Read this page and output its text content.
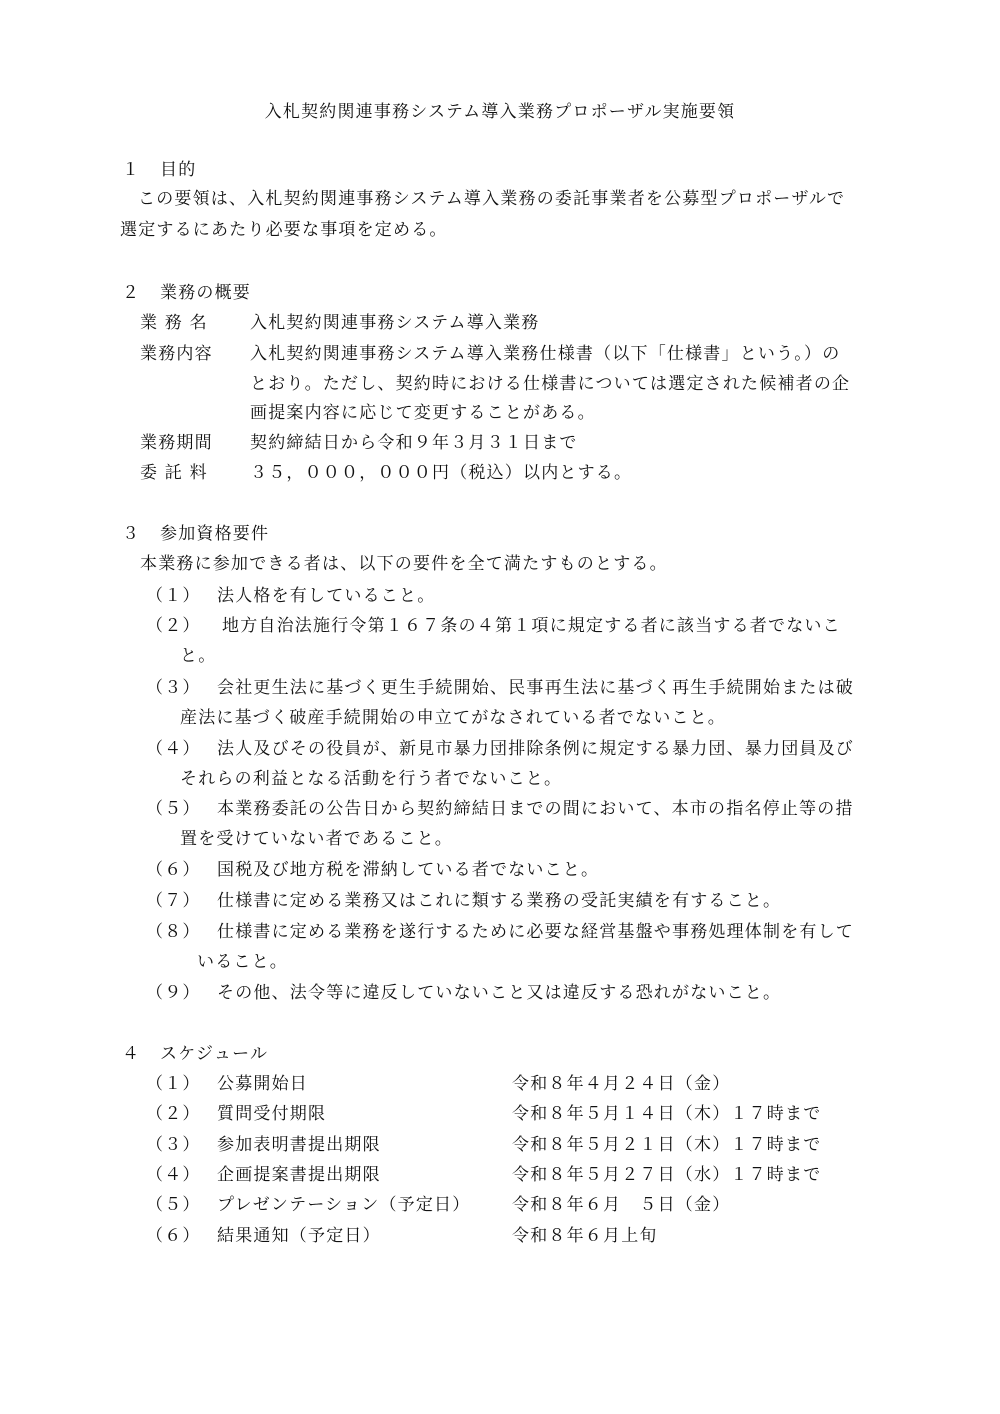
入札契約関連事務システム導入業務プロポーザル実施要領
１ 目的
この要領は、入札契約関連事務システム導入業務の委託事業者を公募型プロポーザルで
選定するにあたり必要な事項を定める。
２ 業務の概要
業 務 名 入札契約関連事務システム導入業務
業務内容 入札契約関連事務システム導入業務仕様書（以下「仕様書」という。）の
とおり。ただし、契約時における仕様書については選定された候補者の企
画提案内容に応じて変更することがある。
業務期間 契約締結日から令和９年３月３１日まで
委 託 料 ３５，０００，０００円（税込）以内とする。
３ 参加資格要件
本業務に参加できる者は、以下の要件を全て満たすものとする。
（１） 法人格を有していること。
（２） 地方自治法施行令第１６７条の４第１項に規定する者に該当する者でないこ
と。
（３） 会社更生法に基づく更生手続開始、民事再生法に基づく再生手続開始または破
産法に基づく破産手続開始の申立てがなされている者でないこと。
（４） 法人及びその役員が、新見市暴力団排除条例に規定する暴力団、暴力団員及び
それらの利益となる活動を行う者でないこと。
（５） 本業務委託の公告日から契約締結日までの間において、本市の指名停止等の措
置を受けていない者であること。
（６） 国税及び地方税を滞納している者でないこと。
（７） 仕様書に定める業務又はこれに類する業務の受託実績を有すること。
（８） 仕様書に定める業務を遂行するために必要な経営基盤や事務処理体制を有して
いること。
（９） その他、法令等に違反していないこと又は違反する恐れがないこと。
４ スケジュール
（１） 公募開始日	令和８年４月２４日（金）
（２） 質問受付期限	令和８年５月１４日（木）１７時まで
（３） 参加表明書提出期限	令和８年５月２１日（木）１７時まで
（４） 企画提案書提出期限	令和８年５月２７日（水）１７時まで
（５） プレゼンテーション（予定日） 令和８年６月　５日（金）
（６） 結果通知（予定日）	令和８年６月上旬
